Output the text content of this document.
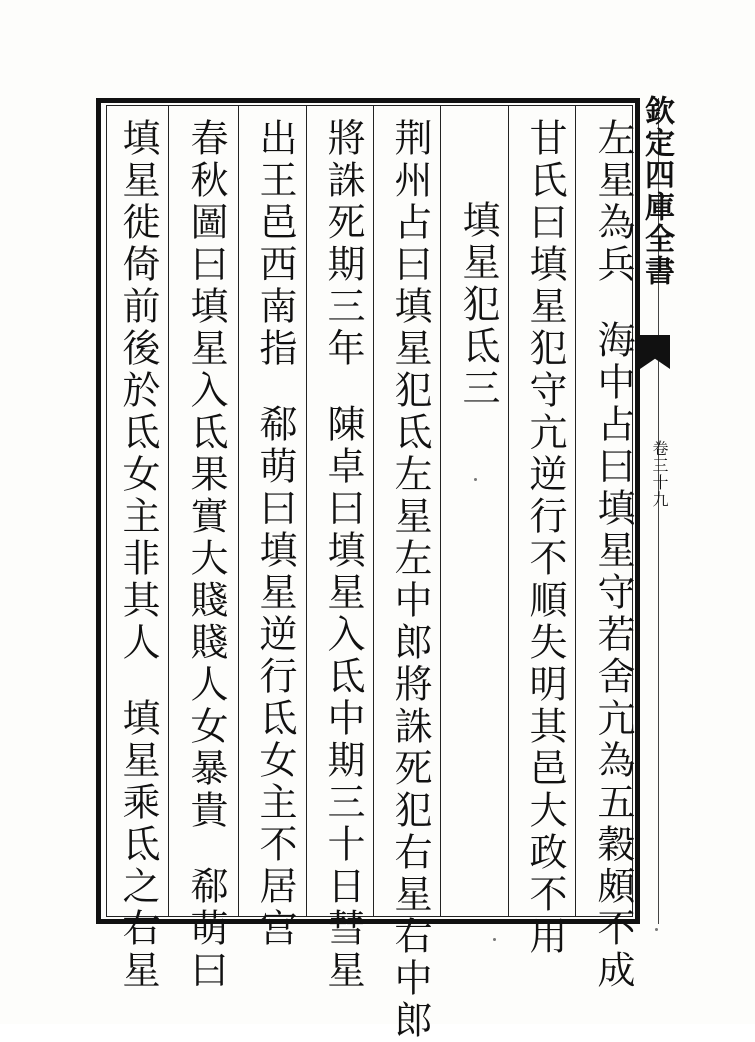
欽定四庫全書
卷三十九
左星為兵海中占曰填星守若舍亢為五穀頗不成
甘氏曰填星犯守亢逆行不順失明其邑大政不用
填星犯氐三
荆州占曰填星犯氐左星左中郎將誅死犯右星右中郎
將誅死期三年陳卓曰填星入氐中期三十日彗星
出王邑西南指郗萌曰填星逆行氐女主不居宫
春秋圖曰填星入氐果實大賤賤人女暴貴郗萌曰
填星徙倚前後於氐女主非其人填星乘氐之右星
